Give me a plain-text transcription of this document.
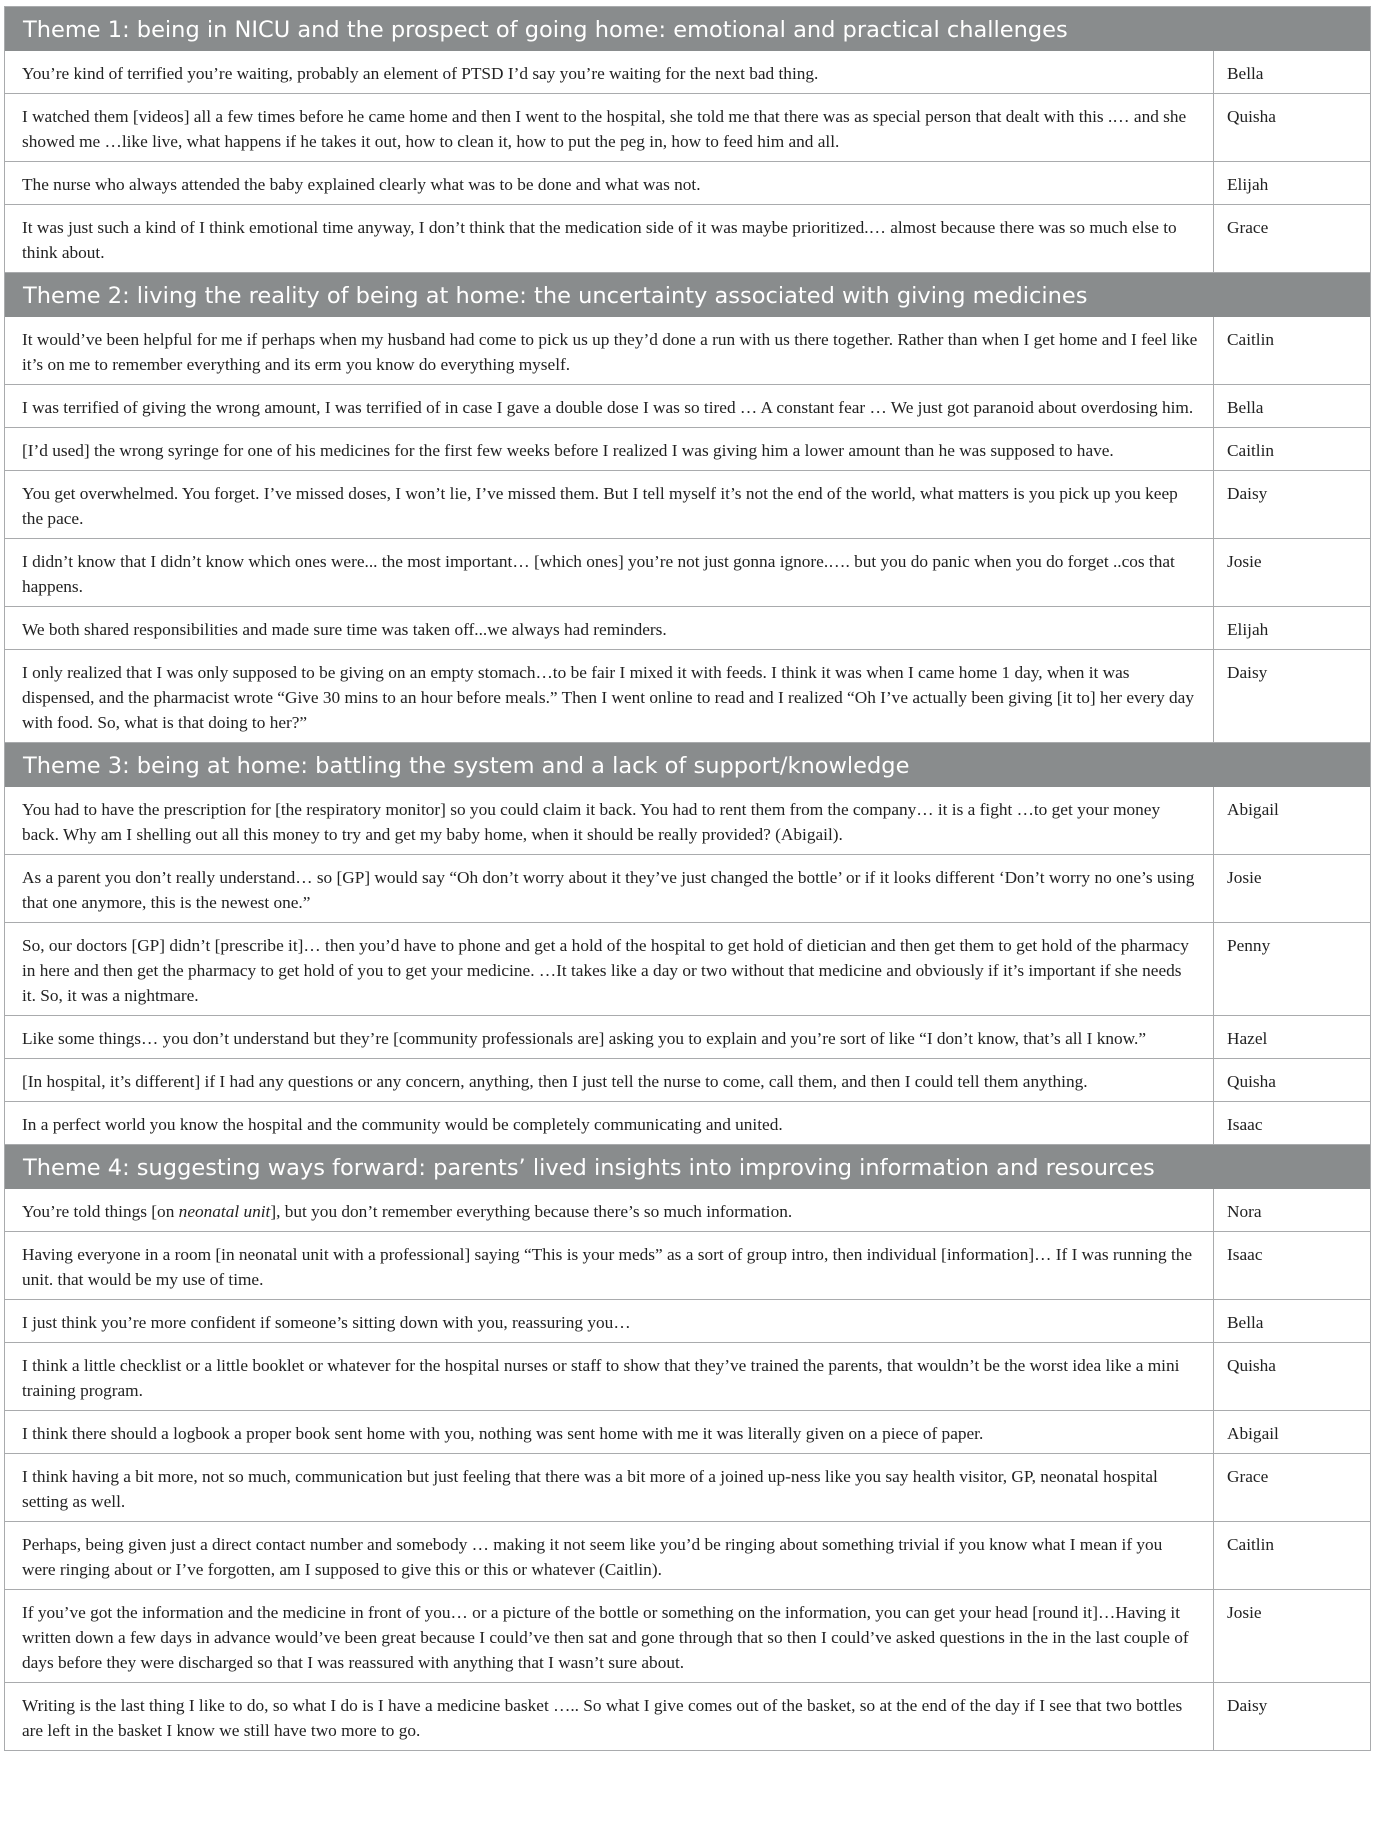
Theme 1: being in NICU and the prospect of going home: emotional and practical challenges	
You’re kind of terrified you’re waiting, probably an element of PTSD I’d say you’re waiting for the next bad thing.	Bella
I watched them [videos] all a few times before he came home and then I went to the hospital, she told me that there was as special person that dealt with this .… and she showed me …like live, what happens if he takes it out, how to clean it, how to put the peg in, how to feed him and all.	Quisha
The nurse who always attended the baby explained clearly what was to be done and what was not.	Elijah
It was just such a kind of I think emotional time anyway, I don’t think that the medication side of it was maybe prioritized.… almost because there was so much else to think about.	Grace
Theme 2: living the reality of being at home: the uncertainty associated with giving medicines	
It would’ve been helpful for me if perhaps when my husband had come to pick us up they’d done a run with us there together. Rather than when I get home and I feel like it’s on me to remember everything and its erm you know do everything myself.	Caitlin
I was terrified of giving the wrong amount, I was terrified of in case I gave a double dose I was so tired … A constant fear … We just got paranoid about overdosing him.	Bella
[I’d used] the wrong syringe for one of his medicines for the first few weeks before I realized I was giving him a lower amount than he was supposed to have.	Caitlin
You get overwhelmed. You forget. I’ve missed doses, I won’t lie, I’ve missed them. But I tell myself it’s not the end of the world, what matters is you pick up you keep the pace.	Daisy
I didn’t know that I didn’t know which ones were... the most important… [which ones] you’re not just gonna ignore.…. but you do panic when you do forget ..cos that happens.	Josie
We both shared responsibilities and made sure time was taken off...we always had reminders.	Elijah
I only realized that I was only supposed to be giving on an empty stomach…to be fair I mixed it with feeds. I think it was when I came home 1 day, when it was dispensed, and the pharmacist wrote “Give 30 mins to an hour before meals.” Then I went online to read and I realized “Oh I’ve actually been giving [it to] her every day with food. So, what is that doing to her?”	Daisy
Theme 3: being at home: battling the system and a lack of support/knowledge	
You had to have the prescription for [the respiratory monitor] so you could claim it back. You had to rent them from the company… it is a fight …to get your money back. Why am I shelling out all this money to try and get my baby home, when it should be really provided? (Abigail).	Abigail
As a parent you don’t really understand… so [GP] would say “Oh don’t worry about it they’ve just changed the bottle’ or if it looks different ‘Don’t worry no one’s using that one anymore, this is the newest one.”	Josie
So, our doctors [GP] didn’t [prescribe it]… then you’d have to phone and get a hold of the hospital to get hold of dietician and then get them to get hold of the pharmacy in here and then get the pharmacy to get hold of you to get your medicine. …It takes like a day or two without that medicine and obviously if it’s important if she needs it. So, it was a nightmare.	Penny
Like some things… you don’t understand but they’re [community professionals are] asking you to explain and you’re sort of like “I don’t know, that’s all I know.”	Hazel
[In hospital, it’s different] if I had any questions or any concern, anything, then I just tell the nurse to come, call them, and then I could tell them anything.	Quisha
In a perfect world you know the hospital and the community would be completely communicating and united.	Isaac
Theme 4: suggesting ways forward: parents’ lived insights into improving information and resources	
You’re told things [on neonatal unit], but you don’t remember everything because there’s so much information.	Nora
Having everyone in a room [in neonatal unit with a professional] saying “This is your meds” as a sort of group intro, then individual [information]… If I was running the unit. that would be my use of time.	Isaac
I just think you’re more confident if someone’s sitting down with you, reassuring you…	Bella
I think a little checklist or a little booklet or whatever for the hospital nurses or staff to show that they’ve trained the parents, that wouldn’t be the worst idea like a mini training program.	Quisha
I think there should a logbook a proper book sent home with you, nothing was sent home with me it was literally given on a piece of paper.	Abigail
I think having a bit more, not so much, communication but just feeling that there was a bit more of a joined up-ness like you say health visitor, GP, neonatal hospital setting as well.	Grace
Perhaps, being given just a direct contact number and somebody … making it not seem like you’d be ringing about something trivial if you know what I mean if you were ringing about or I’ve forgotten, am I supposed to give this or this or whatever (Caitlin).	Caitlin
If you’ve got the information and the medicine in front of you… or a picture of the bottle or something on the information, you can get your head [round it]…Having it written down a few days in advance would’ve been great because I could’ve then sat and gone through that so then I could’ve asked questions in the in the last couple of days before they were discharged so that I was reassured with anything that I wasn’t sure about.	Josie
Writing is the last thing I like to do, so what I do is I have a medicine basket ….. So what I give comes out of the basket, so at the end of the day if I see that two bottles are left in the basket I know we still have two more to go.	Daisy
